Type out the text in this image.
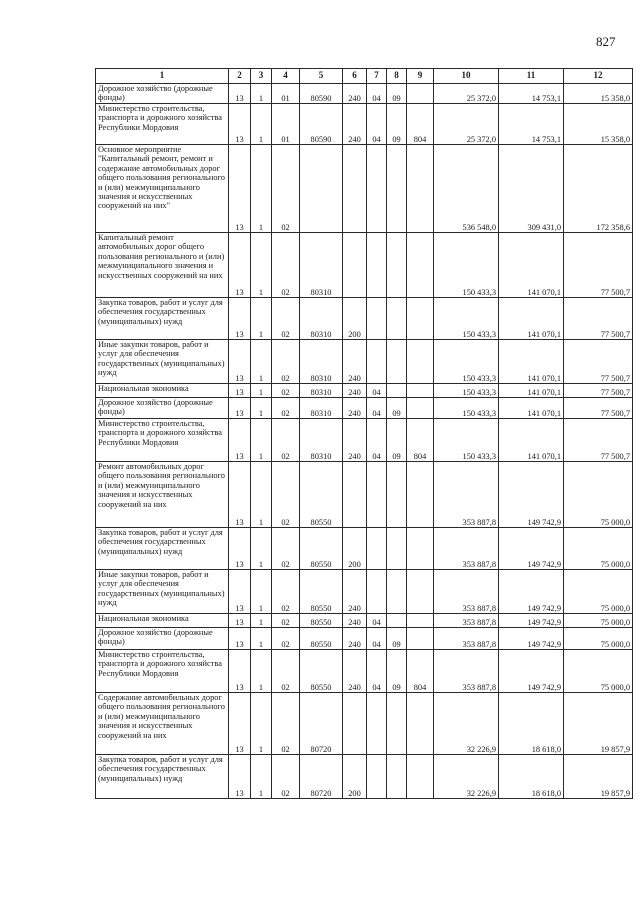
827
1	2	3	4	5	6	7	8	9	10	11	12
Дорожное хозяйство (дорожные фонды)	13	1	01	80590	240	04	09		25 372,0	14 753,1	15 358,0
Министерство строительства, транспорта и дорожного хозяйства Республики Мордовия	13	1	01	80590	240	04	09	804	25 372,0	14 753,1	15 358,0
Основное мероприятие "Капитальный ремонт, ремонт и содержание автомобильных дорог общего пользования регионального и (или) межмуниципального значения и искусственных сооружений на них"	13	1	02						536 548,0	309 431,0	172 358,6
Капитальный ремонт автомобильных дорог общего пользования регионального и (или) межмуниципального значения и искусственных сооружений на них	13	1	02	80310					150 433,3	141 070,1	77 500,7
Закупка товаров, работ и услуг для обеспечения государственных (муниципальных) нужд	13	1	02	80310	200				150 433,3	141 070,1	77 500,7
Иные закупки товаров, работ и услуг для обеспечения государственных (муниципальных) нужд	13	1	02	80310	240				150 433,3	141 070,1	77 500,7
Национальная экономика	13	1	02	80310	240	04			150 433,3	141 070,1	77 500,7
Дорожное хозяйство (дорожные фонды)	13	1	02	80310	240	04	09		150 433,3	141 070,1	77 500,7
Министерство строительства, транспорта и дорожного хозяйства Республики Мордовия	13	1	02	80310	240	04	09	804	150 433,3	141 070,1	77 500,7
Ремонт автомобильных дорог общего пользования регионального и (или) межмуниципального значения и искусственных сооружений на них	13	1	02	80550					353 887,8	149 742,9	75 000,0
Закупка товаров, работ и услуг для обеспечения государственных (муниципальных) нужд	13	1	02	80550	200				353 887,8	149 742,9	75 000,0
Иные закупки товаров, работ и услуг для обеспечения государственных (муниципальных) нужд	13	1	02	80550	240				353 887,8	149 742,9	75 000,0
Национальная экономика	13	1	02	80550	240	04			353 887,8	149 742,9	75 000,0
Дорожное хозяйство (дорожные фонды)	13	1	02	80550	240	04	09		353 887,8	149 742,9	75 000,0
Министерство строительства, транспорта и дорожного хозяйства Республики Мордовия	13	1	02	80550	240	04	09	804	353 887,8	149 742,9	75 000,0
Содержание автомобильных дорог общего пользования регионального и (или) межмуниципального значения и искусственных сооружений на них	13	1	02	80720					32 226,9	18 618,0	19 857,9
Закупка товаров, работ и услуг для обеспечения государственных (муниципальных) нужд	13	1	02	80720	200				32 226,9	18 618,0	19 857,9
